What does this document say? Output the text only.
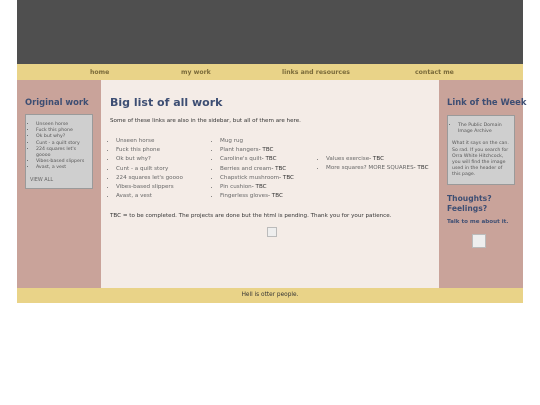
home	my work	links and resources	contact me
Original work
• Unseen horse
• Fuck this phone
• Ok but why?
• Cunt - a quilt story
• 224 squares let's goooo
• Vibes-based slippers
• Avast, a vest
VIEW ALL
Big list of all work
Some of these links are also in the sidebar, but all of them are here.
• Unseen horse
• Fuck this phone
• Ok but why?
• Cunt - a quilt story
• 224 squares let's goooo
• Vibes-based slippers
• Avast, a vest
• Mug rug
• Plant hangers- TBC
• Caroline's quilt- TBC
• Berries and cream- TBC
• Chapstick mushroom- TBC
• Pin cushion- TBC
• Fingerless gloves- TBC
• Values exercise- TBC
• More squares? MORE SQUARES- TBC
TBC = to be completed. The projects are done but the html is pending. Thank you for your patience.
Link of the Week
• The Public Domain Image Archive

What it says on the can. So rad. If you search for Orra White Hitchcock, you will find the image used in the header of this page.

Thoughts? Feelings?
Talk to me about it.
Hell is otter people.
